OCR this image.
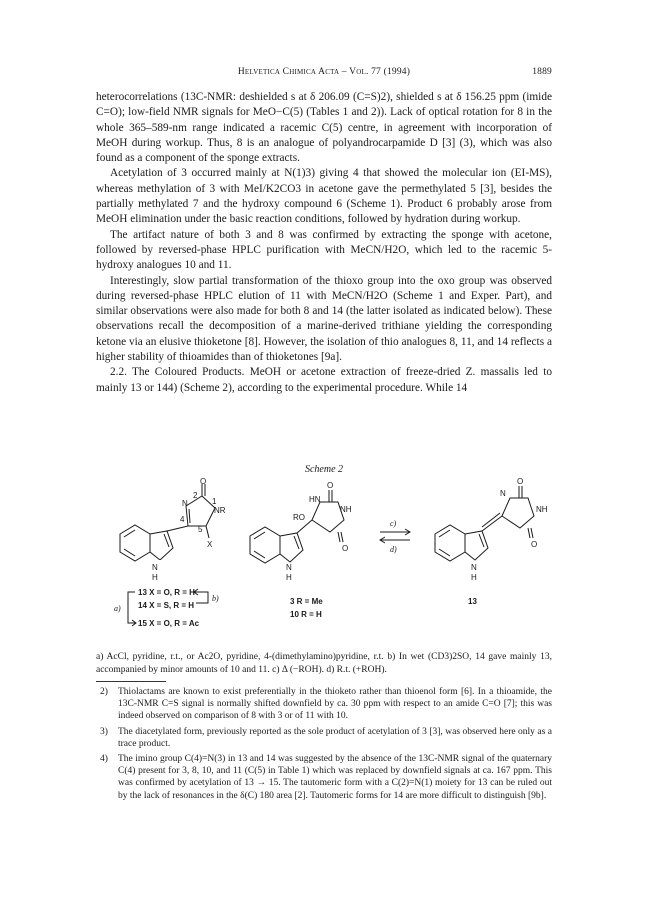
Helvetica Chimica Acta – Vol. 77 (1994)	1889

heterocorrelations (13C-NMR: deshielded s at δ 206.09 (C=S)2), shielded s at δ 156.25 ppm (imide C=O); low-field NMR signals for MeO−C(5) (Tables 1 and 2)). Lack of optical rotation for 8 in the whole 365–589-nm range indicated a racemic C(5) centre, in agreement with incorporation of MeOH during workup. Thus, 8 is an analogue of polyandrocarpamide D [3] (3), which was also found as a component of the sponge extracts.

Acetylation of 3 occurred mainly at N(1)3) giving 4 that showed the molecular ion (EI-MS), whereas methylation of 3 with MeI/K2CO3 in acetone gave the permethylated 5 [3], besides the partially methylated 7 and the hydroxy compound 6 (Scheme 1). Product 6 probably arose from MeOH elimination under the basic reaction conditions, followed by hydration during workup.

The artifact nature of both 3 and 8 was confirmed by extracting the sponge with acetone, followed by reversed-phase HPLC purification with MeCN/H2O, which led to the racemic 5-hydroxy analogues 10 and 11.

Interestingly, slow partial transformation of the thioxo group into the oxo group was observed during reversed-phase HPLC elution of 11 with MeCN/H2O (Scheme 1 and Exper. Part), and similar observations were also made for both 8 and 14 (the latter isolated as indicated below). These observations recall the decomposition of a marine-derived trithiane yielding the corresponding ketone via an elusive thioketone [8]. However, the isolation of thio analogues 8, 11, and 14 reflects a higher stability of thioamides than of thioketones [9a].

2.2. The Coloured Products. MeOH or acetone extraction of freeze-dried Z. massalis led to mainly 13 or 144) (Scheme 2), according to the experimental procedure. While 14

Scheme 2
O
2
N	1
NR
4
5
X
N
H
O
HN
NH
RO
O
N
H
c)
d)
O
N
NH
O
N
H
13 X = O, R = H
14 X = S, R = H
15 X = O, R = Ac
a)
b)	3 R = Me
10 R = H
13
a) AcCl, pyridine, r.t., or Ac2O, pyridine, 4-(dimethylamino)pyridine, r.t. b) In wet (CD3)2SO, 14 gave mainly 13, accompanied by minor amounts of 10 and 11. c) Δ (−ROH). d) R.t. (+ROH).
2) Thiolactams are known to exist preferentially in the thioketo rather than thioenol form [6]. In a thioamide, the 13C-NMR C=S signal is normally shifted downfield by ca. 30 ppm with respect to an amide C=O [7]; this was indeed observed on comparison of 8 with 3 or of 11 with 10.
3) The diacetylated form, previously reported as the sole product of acetylation of 3 [3], was observed here only as a trace product.
4) The imino group C(4)=N(3) in 13 and 14 was suggested by the absence of the 13C-NMR signal of the quaternary C(4) present for 3, 8, 10, and 11 (C(5) in Table 1) which was replaced by downfield signals at ca. 167 ppm. This was confirmed by acetylation of 13 → 15. The tautomeric form with a C(2)=N(1) moiety for 13 can be ruled out by the lack of resonances in the δ(C) 180 area [2]. Tautomeric forms for 14 are more difficult to distinguish [9b].
